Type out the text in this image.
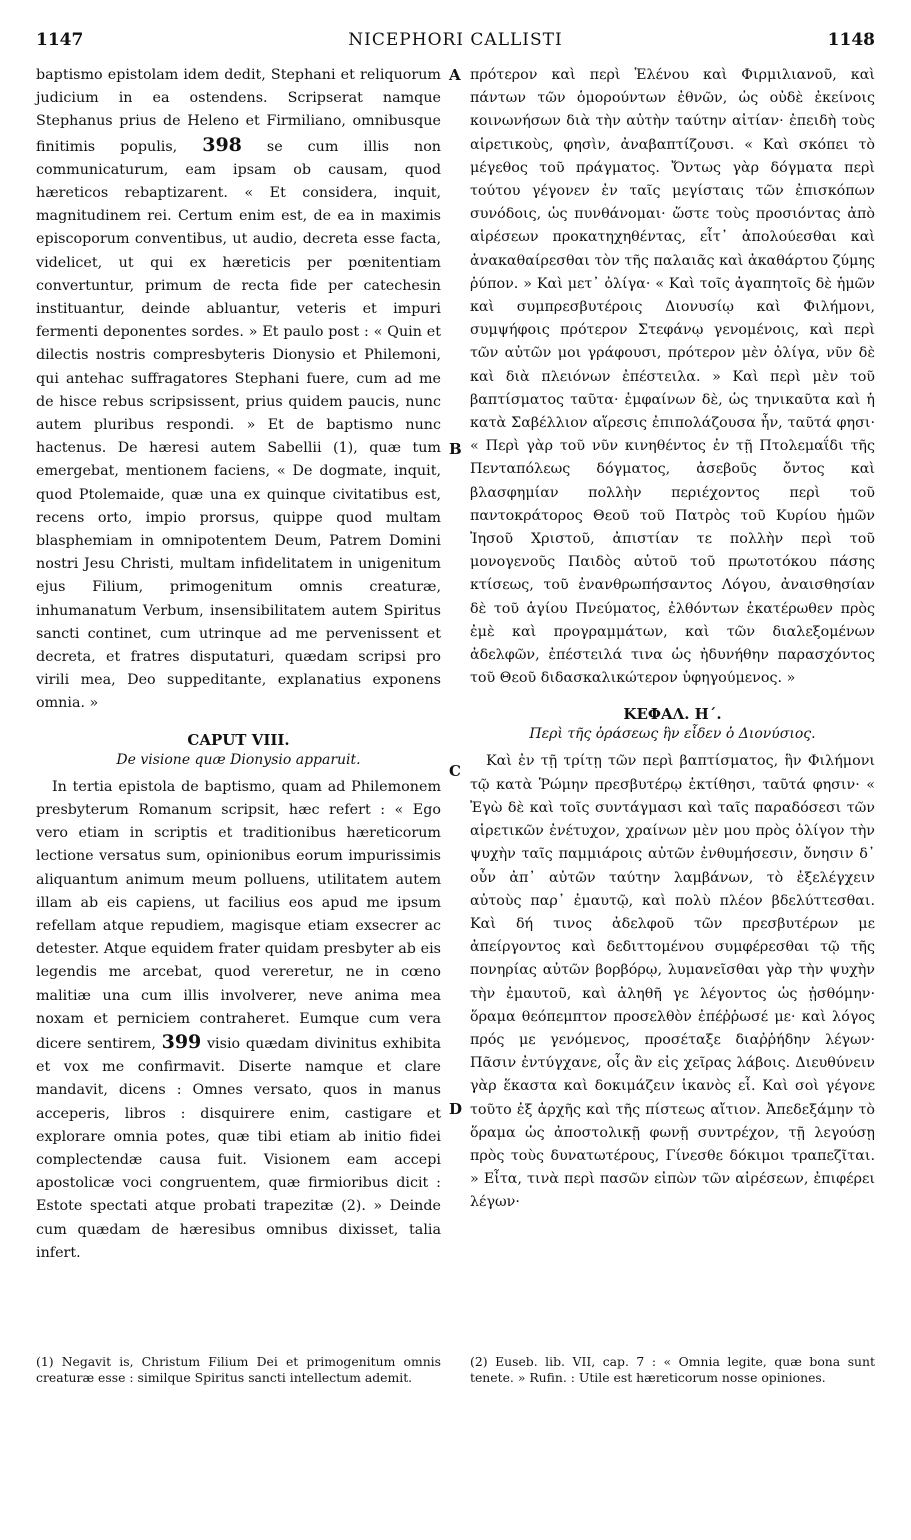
1147	NICEPHORI CALLISTI	1148
A
B
C
D

baptismo epistolam idem dedit, Stephani et reliquorum judicium in ea ostendens. Scripserat namque Stephanus prius de Heleno et Firmiliano, omnibusque finitimis populis, 398 se cum illis non communicaturum, eam ipsam ob causam, quod hæreticos rebaptizarent. « Et considera, inquit, magnitudinem rei. Certum enim est, de ea in maximis episcoporum conventibus, ut audio, decreta esse facta, videlicet, ut qui ex hæreticis per pœnitentiam convertuntur, primum de recta fide per catechesin instituantur, deinde abluantur, veteris et impuri fermenti deponentes sordes. » Et paulo post : « Quin et dilectis nostris compresbyteris Dionysio et Philemoni, qui antehac suffragatores Stephani fuere, cum ad me de hisce rebus scripsissent, prius quidem paucis, nunc autem pluribus respondi. » Et de baptismo nunc hactenus. De hæresi autem Sabellii (1), quæ tum emergebat, mentionem faciens, « De dogmate, inquit, quod Ptolemaide, quæ una ex quinque civitatibus est, recens orto, impio prorsus, quippe quod multam blasphemiam in omnipotentem Deum, Patrem Domini nostri Jesu Christi, multam infidelitatem in unigenitum ejus Filium, primogenitum omnis creaturæ, inhumanatum Verbum, insensibilitatem autem Spiritus sancti continet, cum utrinque ad me pervenissent et decreta, et fratres disputaturi, quædam scripsi pro virili mea, Deo suppeditante, explanatius exponens omnia. »

CAPUT VIII.

De visione quæ Dionysio apparuit.

In tertia epistola de baptismo, quam ad Philemonem presbyterum Romanum scripsit, hæc refert : « Ego vero etiam in scriptis et traditionibus hæreticorum lectione versatus sum, opinionibus eorum impurissimis aliquantum animum meum polluens, utilitatem autem illam ab eis capiens, ut facilius eos apud me ipsum refellam atque repudiem, magisque etiam exsecrer ac detester. Atque equidem frater quidam presbyter ab eis legendis me arcebat, quod vereretur, ne in cœno malitiæ una cum illis involverer, neve anima mea noxam et perniciem contraheret. Eumque cum vera dicere sentirem, 399 visio quædam divinitus exhibita et vox me confirmavit. Diserte namque et clare mandavit, dicens : Omnes versato, quos in manus acceperis, libros : disquirere enim, castigare et explorare omnia potes, quæ tibi etiam ab initio fidei complectendæ causa fuit. Visionem eam accepi apostolicæ voci congruentem, quæ firmioribus dicit : Estote spectati atque probati trapezitæ (2). » Deinde cum quædam de hæresibus omnibus dixisset, talia infert.

πρότερον καὶ περὶ Ἑλένου καὶ Φιρμιλιανοῦ, καὶ πάντων τῶν ὁμορούντων ἐθνῶν, ὡς οὐδὲ ἐκείνοις κοινωνήσων διὰ τὴν αὐτὴν ταύτην αἰτίαν· ἐπειδὴ τοὺς αἱρετικοὺς, φησὶν, ἀναβαπτίζουσι. « Καὶ σκόπει τὸ μέγεθος τοῦ πράγματος. Ὄντως γὰρ δόγματα περὶ τούτου γέγονεν ἐν ταῖς μεγίσταις τῶν ἐπισκόπων συνόδοις, ὡς πυνθάνομαι· ὥστε τοὺς προσιόντας ἀπὸ αἱρέσεων προκατηχηθέντας, εἶτ᾽ ἀπολούεσθαι καὶ ἀνακαθαίρεσθαι τὸν τῆς παλαιᾶς καὶ ἀκαθάρτου ζύμης ῥύπον. » Καὶ μετ᾽ ὀλίγα· « Καὶ τοῖς ἀγαπητοῖς δὲ ἡμῶν καὶ συμπρεσβυτέροις Διονυσίῳ καὶ Φιλήμονι, συμψήφοις πρότερον Στεφάνῳ γενομένοις, καὶ περὶ τῶν αὐτῶν μοι γράφουσι, πρότερον μὲν ὀλίγα, νῦν δὲ καὶ διὰ πλειόνων ἐπέστειλα. » Καὶ περὶ μὲν τοῦ βαπτίσματος ταῦτα· ἐμφαίνων δὲ, ὡς τηνικαῦτα καὶ ἡ κατὰ Σαβέλλιον αἵρεσις ἐπιπολάζουσα ἦν, ταῦτά φησι· « Περὶ γὰρ τοῦ νῦν κινηθέντος ἐν τῇ Πτολεμαΐδι τῆς Πενταπόλεως δόγματος, ἀσεβοῦς ὄντος καὶ βλασφημίαν πολλὴν περιέχοντος περὶ τοῦ παντοκράτορος Θεοῦ τοῦ Πατρὸς τοῦ Κυρίου ἡμῶν Ἰησοῦ Χριστοῦ, ἀπιστίαν τε πολλὴν περὶ τοῦ μονογενοῦς Παιδὸς αὐτοῦ τοῦ πρωτοτόκου πάσης κτίσεως, τοῦ ἐνανθρωπήσαντος Λόγου, ἀναισθησίαν δὲ τοῦ ἁγίου Πνεύματος, ἐλθόντων ἑκατέρωθεν πρὸς ἐμὲ καὶ προγραμμάτων, καὶ τῶν διαλεξομένων ἀδελφῶν, ἐπέστειλά τινα ὡς ἠδυνήθην παρασχόντος τοῦ Θεοῦ διδασκαλικώτερον ὑφηγούμενος. »

ΚΕΦΑΛ. Η΄.

Περὶ τῆς ὁράσεως ἣν εἶδεν ὁ Διονύσιος.

Καὶ ἐν τῇ τρίτῃ τῶν περὶ βαπτίσματος, ἣν Φιλήμονι τῷ κατὰ Ῥώμην πρεσβυτέρῳ ἐκτίθησι, ταῦτά φησιν· « Ἐγὼ δὲ καὶ τοῖς συντάγμασι καὶ ταῖς παραδόσεσι τῶν αἱρετικῶν ἐνέτυχον, χραίνων μὲν μου πρὸς ὀλίγον τὴν ψυχὴν ταῖς παμμιάροις αὐτῶν ἐνθυμήσεσιν, ὄνησιν δ᾽ οὖν ἀπ᾽ αὐτῶν ταύτην λαμβάνων, τὸ ἐξελέγχειν αὐτοὺς παρ᾽ ἐμαυτῷ, καὶ πολὺ πλέον βδελύττεσθαι. Καὶ δή τινος ἀδελφοῦ τῶν πρεσβυτέρων με ἀπείργοντος καὶ δεδιττομένου συμφέρεσθαι τῷ τῆς πονηρίας αὐτῶν βορβόρῳ, λυμανεῖσθαι γὰρ τὴν ψυχὴν τὴν ἐμαυτοῦ, καὶ ἀληθῆ γε λέγοντος ὡς ᾐσθόμην· ὅραμα θεόπεμπτον προσελθὸν ἐπέῤῥωσέ με· καὶ λόγος πρός με γενόμενος, προσέταξε διαῤῥήδην λέγων· Πᾶσιν ἐντύγχανε, οἷς ἂν εἰς χεῖρας λάβοις. Διευθύνειν γὰρ ἕκαστα καὶ δοκιμάζειν ἱκανὸς εἶ. Καὶ σοὶ γέγονε τοῦτο ἐξ ἀρχῆς καὶ τῆς πίστεως αἴτιον. Ἀπεδεξάμην τὸ ὅραμα ὡς ἀποστολικῇ φωνῇ συντρέχον, τῇ λεγούσῃ πρὸς τοὺς δυνατωτέρους, Γίνεσθε δόκιμοι τραπεζῖται. » Εἶτα, τινὰ περὶ πασῶν εἰπὼν τῶν αἱρέσεων, ἐπιφέρει λέγων·

(1) Negavit is, Christum Filium Dei et primogenitum omnis creaturæ esse : similque Spiritus sancti intellectum ademit.
(2) Euseb. lib. VII, cap. 7 : « Omnia legite, quæ bona sunt tenete. » Rufin. : Utile est hæreticorum nosse opiniones.
